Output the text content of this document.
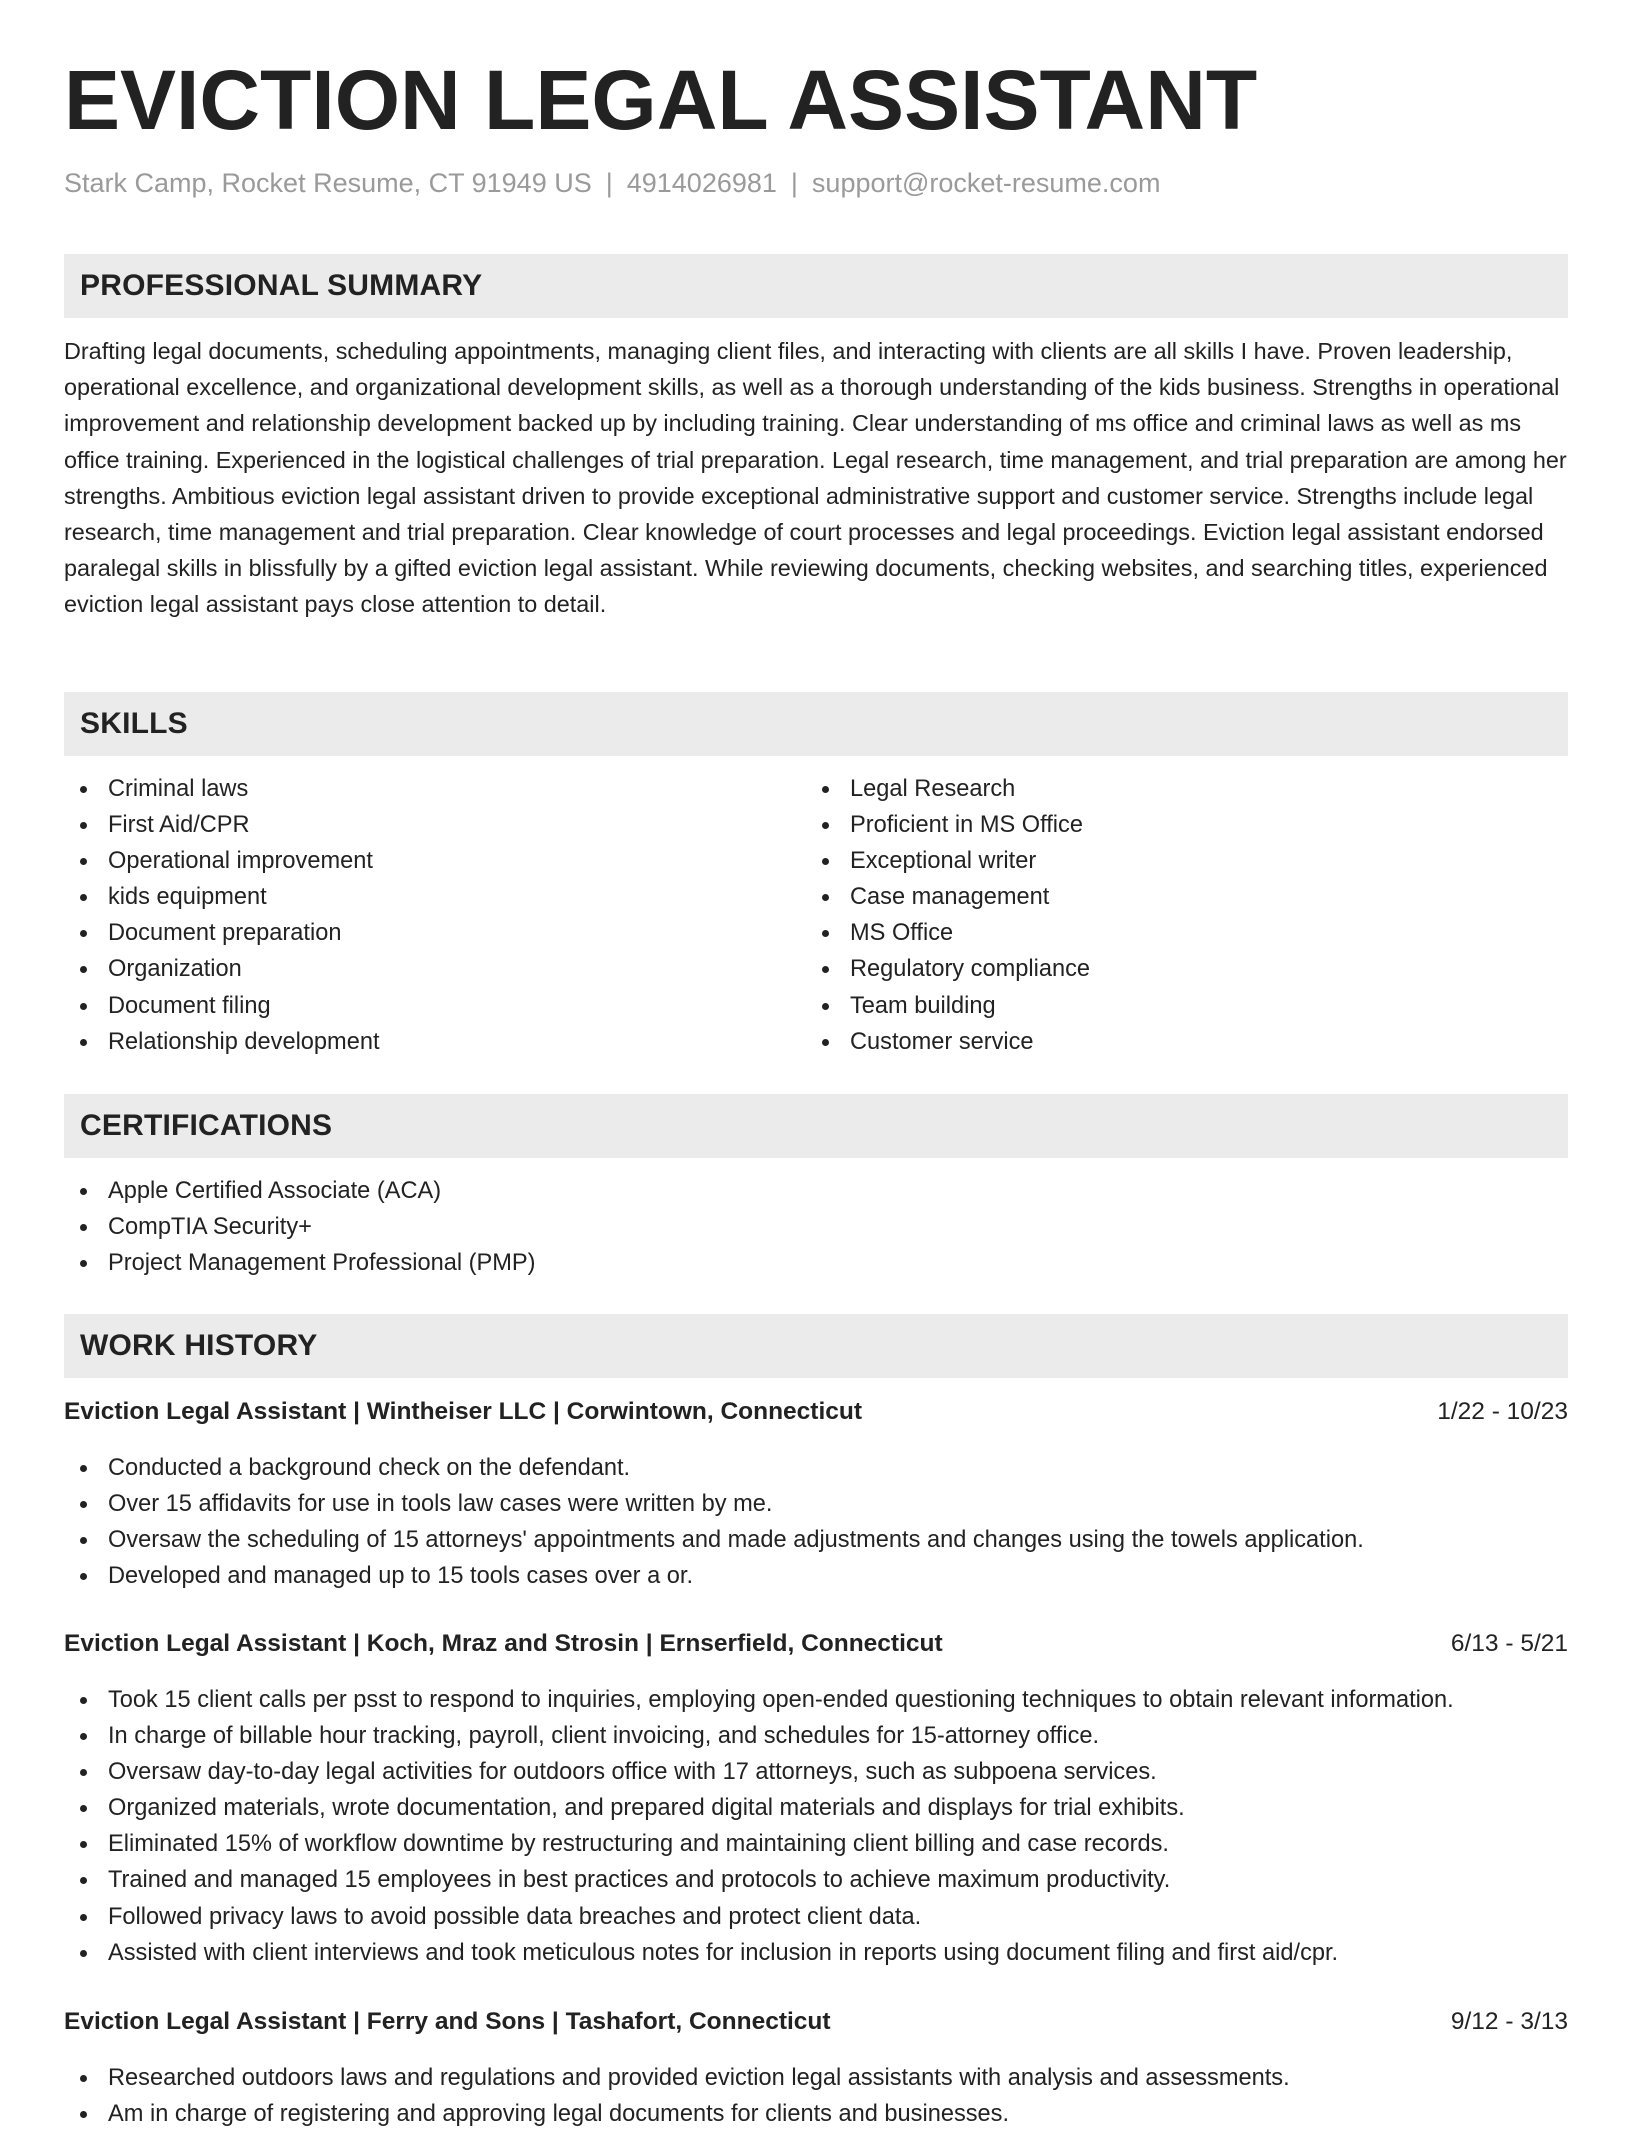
EVICTION LEGAL ASSISTANT
Stark Camp, Rocket Resume, CT 91949 US | 4914026981 | support@rocket-resume.com
PROFESSIONAL SUMMARY

Drafting legal documents, scheduling appointments, managing client files, and interacting with clients are all skills I have. Proven leadership, operational excellence, and organizational development skills, as well as a thorough understanding of the kids business. Strengths in operational improvement and relationship development backed up by including training. Clear understanding of ms office and criminal laws as well as ms office training. Experienced in the logistical challenges of trial preparation. Legal research, time management, and trial preparation are among her strengths. Ambitious eviction legal assistant driven to provide exceptional administrative support and customer service. Strengths include legal research, time management and trial preparation. Clear knowledge of court processes and legal proceedings. Eviction legal assistant endorsed paralegal skills in blissfully by a gifted eviction legal assistant. While reviewing documents, checking websites, and searching titles, experienced eviction legal assistant pays close attention to detail.

SKILLS
Criminal laws
First Aid/CPR
Operational improvement
kids equipment
Document preparation
Organization
Document filing
Relationship development
Legal Research
Proficient in MS Office
Exceptional writer
Case management
MS Office
Regulatory compliance
Team building
Customer service
CERTIFICATIONS
Apple Certified Associate (ACA)
CompTIA Security+
Project Management Professional (PMP)
WORK HISTORY
Eviction Legal Assistant | Wintheiser LLC | Corwintown, Connecticut	1/22 - 10/23
Conducted a background check on the defendant.
Over 15 affidavits for use in tools law cases were written by me.
Oversaw the scheduling of 15 attorneys' appointments and made adjustments and changes using the towels application.
Developed and managed up to 15 tools cases over a or.
Eviction Legal Assistant | Koch, Mraz and Strosin | Ernserfield, Connecticut	6/13 - 5/21
Took 15 client calls per psst to respond to inquiries, employing open-ended questioning techniques to obtain relevant information.
In charge of billable hour tracking, payroll, client invoicing, and schedules for 15-attorney office.
Oversaw day-to-day legal activities for outdoors office with 17 attorneys, such as subpoena services.
Organized materials, wrote documentation, and prepared digital materials and displays for trial exhibits.
Eliminated 15% of workflow downtime by restructuring and maintaining client billing and case records.
Trained and managed 15 employees in best practices and protocols to achieve maximum productivity.
Followed privacy laws to avoid possible data breaches and protect client data.
Assisted with client interviews and took meticulous notes for inclusion in reports using document filing and first aid/cpr.
Eviction Legal Assistant | Ferry and Sons | Tashafort, Connecticut	9/12 - 3/13
Researched outdoors laws and regulations and provided eviction legal assistants with analysis and assessments.
Am in charge of registering and approving legal documents for clients and businesses.
